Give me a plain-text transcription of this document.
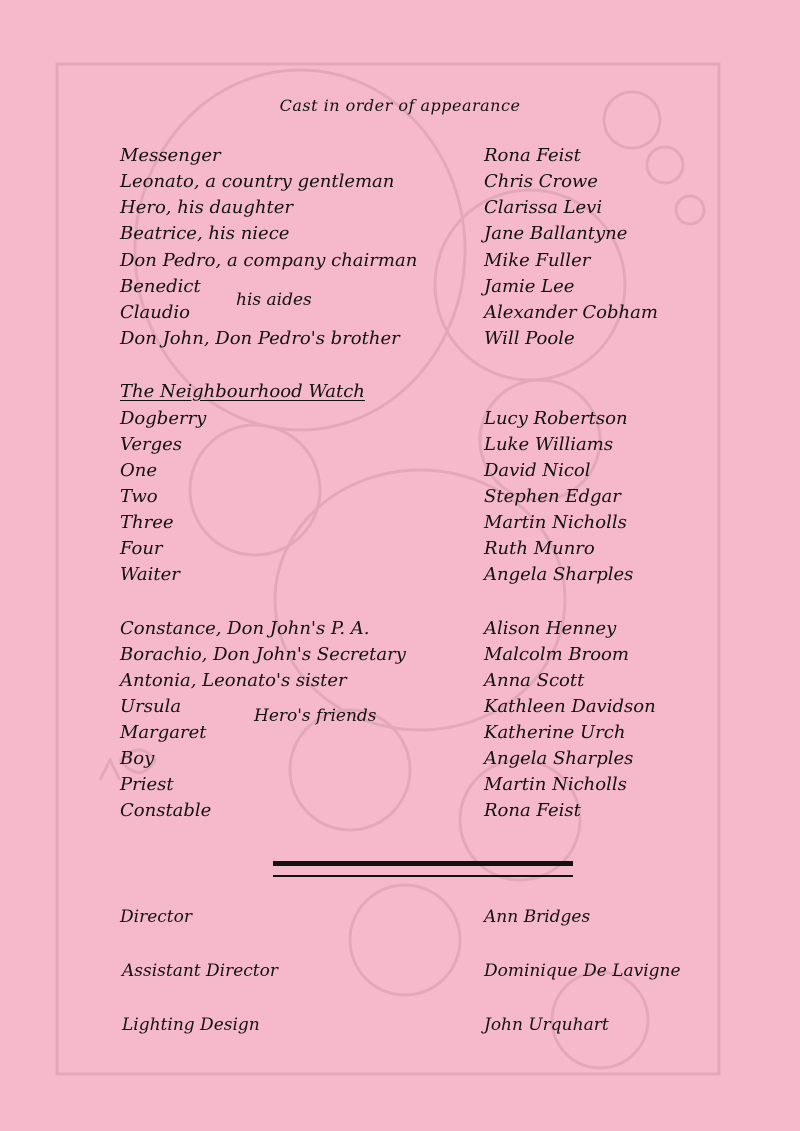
Cast in order of appearance
Messenger	Rona Feist
Leonato, a country gentleman	Chris Crowe
Hero, his daughter	Clarissa Levi
Beatrice, his niece	Jane Ballantyne
Don Pedro, a company chairman	Mike Fuller
Benedict	Jamie Lee
his aides
Claudio	Alexander Cobham
Don John, Don Pedro's brother	Will Poole
The Neighbourhood Watch
Dogberry	Lucy Robertson
Verges	Luke Williams
One	David Nicol
Two	Stephen Edgar
Three	Martin Nicholls
Four	Ruth Munro
Waiter	Angela Sharples
Constance, Don John's P. A.	Alison Henney
Borachio, Don John's Secretary	Malcolm Broom
Antonia, Leonato's sister	Anna Scott
Ursula	Kathleen Davidson
Hero's friends
Margaret	Katherine Urch
Boy	Angela Sharples
Priest	Martin Nicholls
Constable	Rona Feist
Director	Ann Bridges
Assistant Director	Dominique De Lavigne
Lighting Design	John Urquhart
